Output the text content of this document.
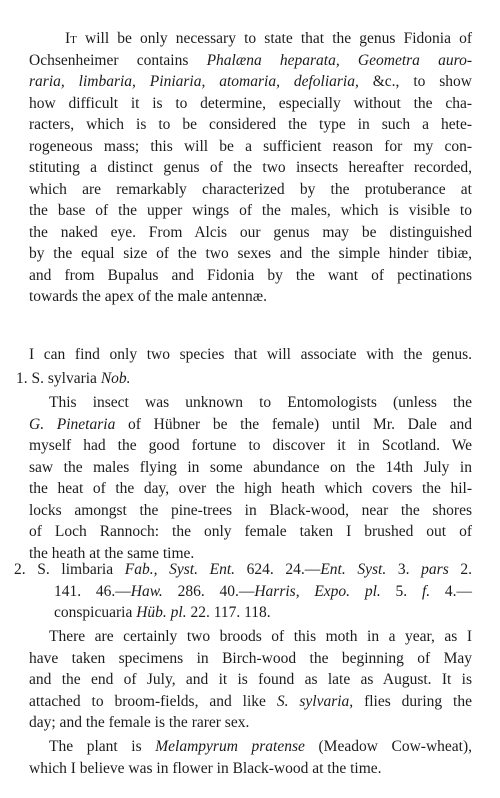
It will be only necessary to state that the genus Fidonia of
Ochsenheimer contains Phalæna heparata, Geometra auro-
raria, limbaria, Piniaria, atomaria, defoliaria, &c., to show
how difficult it is to determine, especially without the cha-
racters, which is to be considered the type in such a hete-
rogeneous mass; this will be a sufficient reason for my con-
stituting a distinct genus of the two insects hereafter recorded,
which are remarkably characterized by the protuberance at
the base of the upper wings of the males, which is visible to
the naked eye. From Alcis our genus may be distinguished
by the equal size of the two sexes and the simple hinder tibiæ,
and from Bupalus and Fidonia by the want of pectinations
towards the apex of the male antennæ.
I can find only two species that will associate with the genus.
1. S. sylvaria Nob.
This insect was unknown to Entomologists (unless the
G. Pinetaria of Hübner be the female) until Mr. Dale and
myself had the good fortune to discover it in Scotland. We
saw the males flying in some abundance on the 14th July in
the heat of the day, over the high heath which covers the hil-
locks amongst the pine-trees in Black-wood, near the shores
of Loch Rannoch: the only female taken I brushed out of
the heath at the same time.
2. S. limbaria Fab., Syst. Ent. 624. 24.—Ent. Syst. 3. pars 2.
141. 46.—Haw. 286. 40.—Harris, Expo. pl. 5. f. 4.—
conspicuaria Hüb. pl. 22. 117. 118.
There are certainly two broods of this moth in a year, as I
have taken specimens in Birch-wood the beginning of May
and the end of July, and it is found as late as August. It is
attached to broom-fields, and like S. sylvaria, flies during the
day; and the female is the rarer sex.
The plant is Melampyrum pratense (Meadow Cow-wheat),
which I believe was in flower in Black-wood at the time.
